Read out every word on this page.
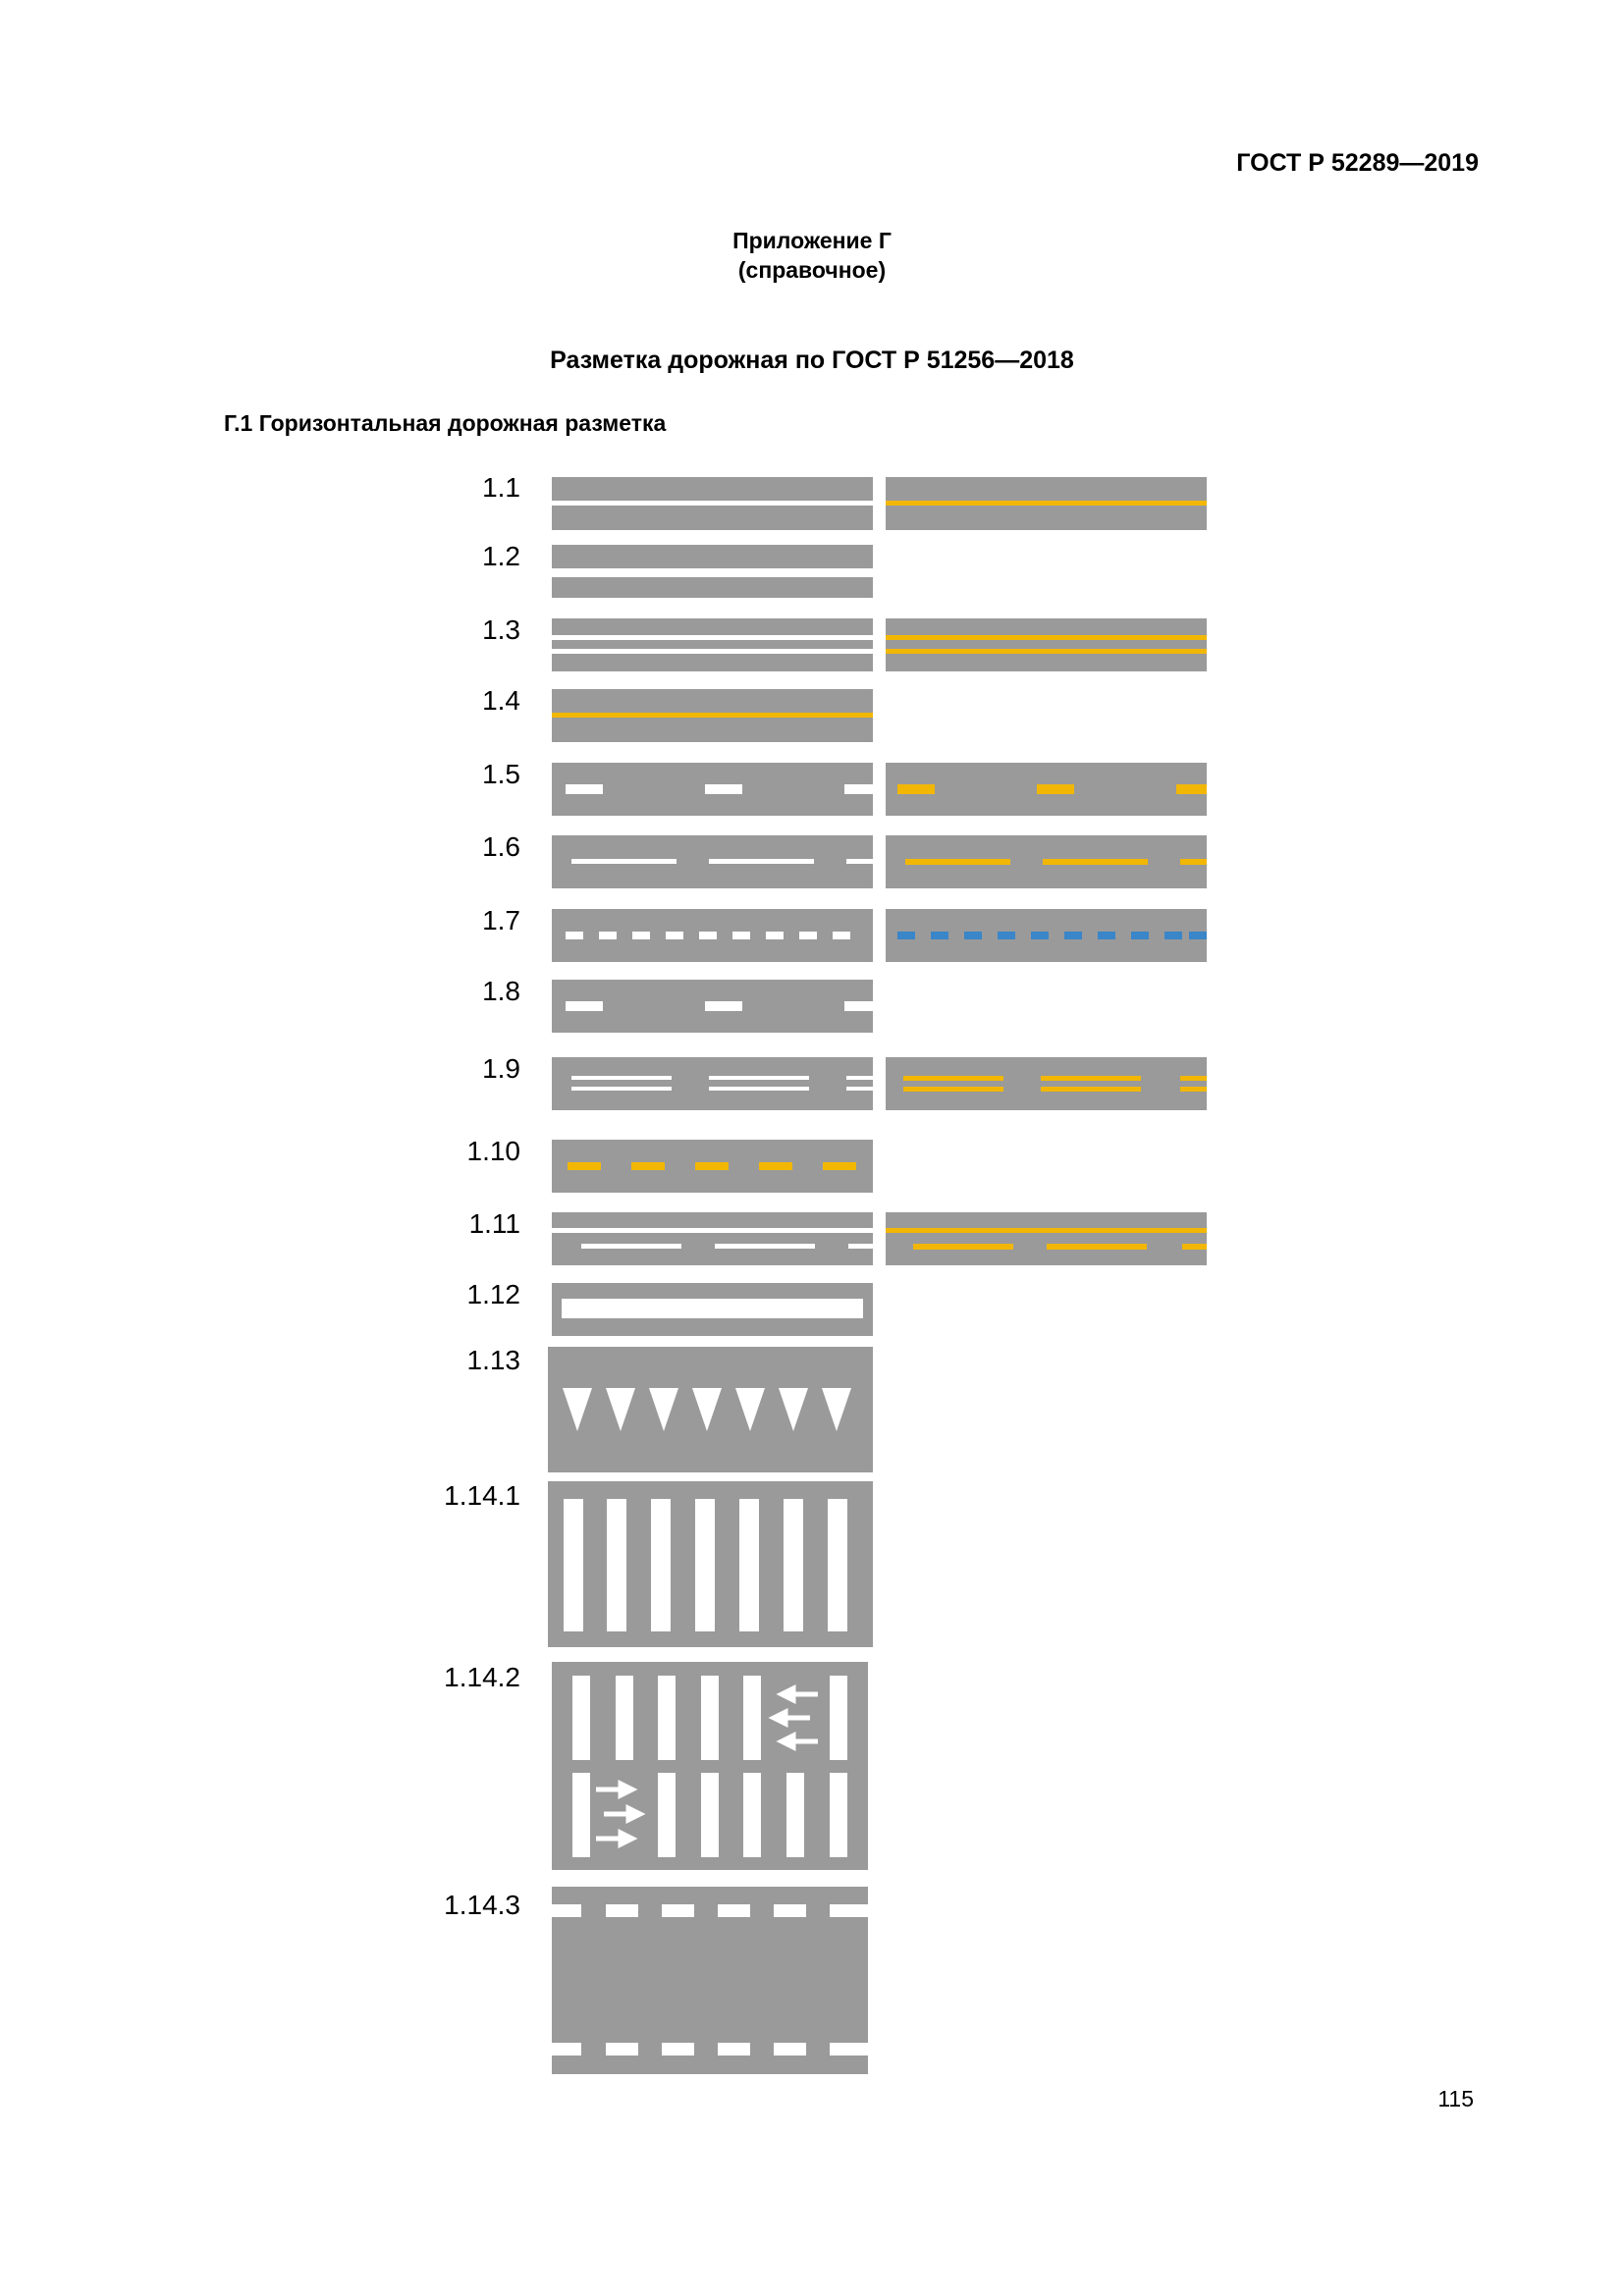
ГОСТ Р 52289—2019
Приложение Г
(справочное)
Разметка дорожная по ГОСТ Р 51256—2018
Г.1 Горизонтальная дорожная разметка
1.1
1.2
1.3
1.4
1.5
1.6
1.7
1.8
1.9
1.10
1.11
1.12
1.13
1.14.1
1.14.2
1.14.3
115
